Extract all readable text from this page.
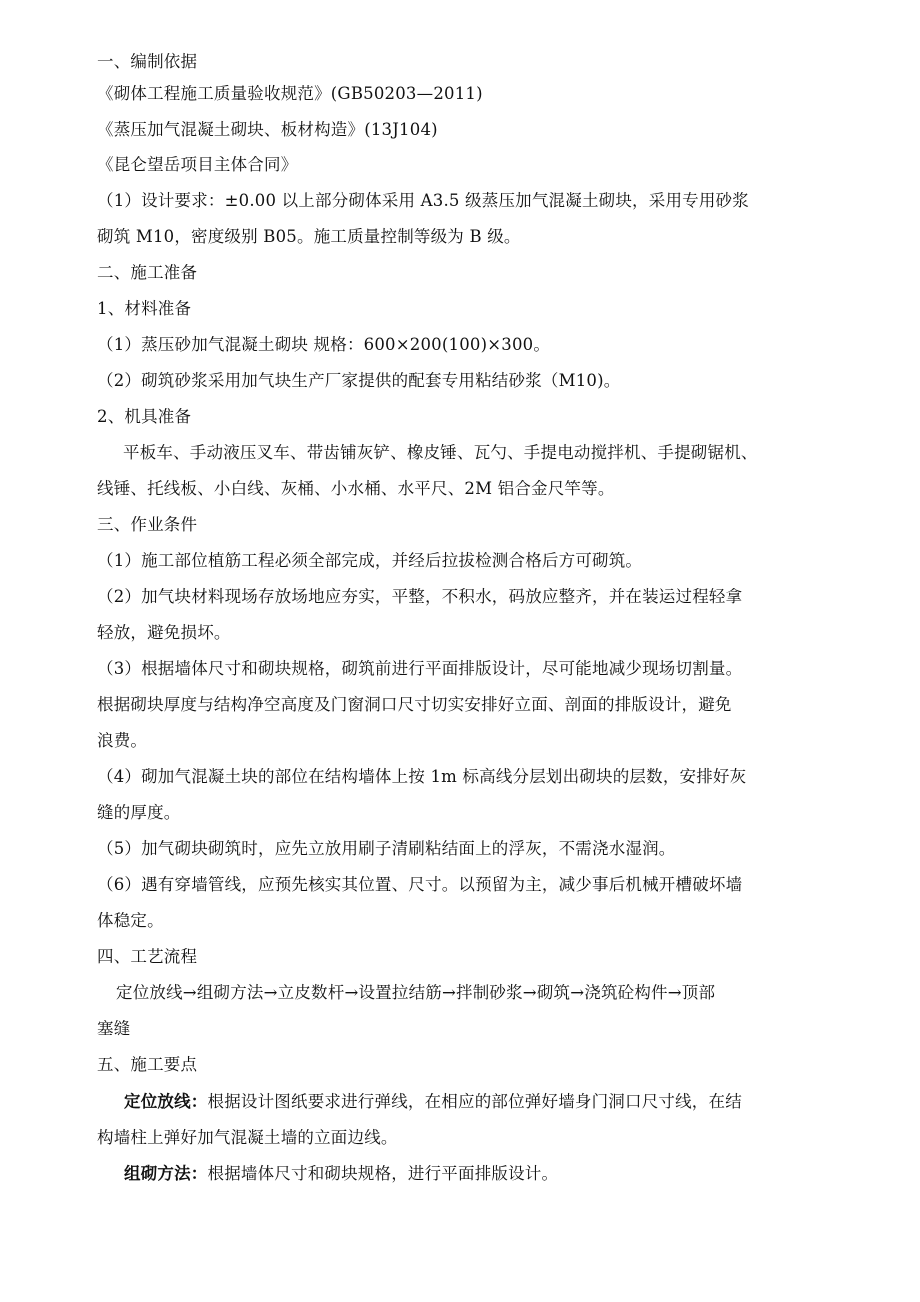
一、编制依据
《砌体工程施工质量验收规范》(GB50203—2011)
《蒸压加气混凝土砌块、板材构造》(13J104)
《昆仑望岳项目主体合同》
（1）设计要求：±0.00 以上部分砌体采用 A3.5 级蒸压加气混凝土砌块，采用专用砂浆
砌筑 M10，密度级别 B05。施工质量控制等级为 B 级。
二、施工准备
1、材料准备
（1）蒸压砂加气混凝土砌块 规格：600×200(100)×300。
（2）砌筑砂浆采用加气块生产厂家提供的配套专用粘结砂浆（M10)。
2、机具准备
平板车、手动液压叉车、带齿铺灰铲、橡皮锤、瓦勺、手提电动搅拌机、手提砌锯机、
线锤、托线板、小白线、灰桶、小水桶、水平尺、2M 铝合金尺竿等。
三、作业条件
（1）施工部位植筋工程必须全部完成，并经后拉拔检测合格后方可砌筑。
（2）加气块材料现场存放场地应夯实，平整，不积水，码放应整齐，并在装运过程轻拿
轻放，避免损坏。
（3）根据墙体尺寸和砌块规格，砌筑前进行平面排版设计，尽可能地减少现场切割量。
根据砌块厚度与结构净空高度及门窗洞口尺寸切实安排好立面、剖面的排版设计，避免
浪费。
（4）砌加气混凝土块的部位在结构墙体上按 1m 标高线分层划出砌块的层数，安排好灰
缝的厚度。
（5）加气砌块砌筑时，应先立放用刷子清刷粘结面上的浮灰，不需浇水湿润。
（6）遇有穿墙管线，应预先核实其位置、尺寸。以预留为主，减少事后机械开槽破坏墙
体稳定。
四、工艺流程
定位放线→组砌方法→立皮数杆→设置拉结筋→拌制砂浆→砌筑→浇筑砼构件→顶部
塞缝
五、施工要点
定位放线：根据设计图纸要求进行弹线，在相应的部位弹好墙身门洞口尺寸线，在结
构墙柱上弹好加气混凝土墙的立面边线。
组砌方法：根据墙体尺寸和砌块规格，进行平面排版设计。
